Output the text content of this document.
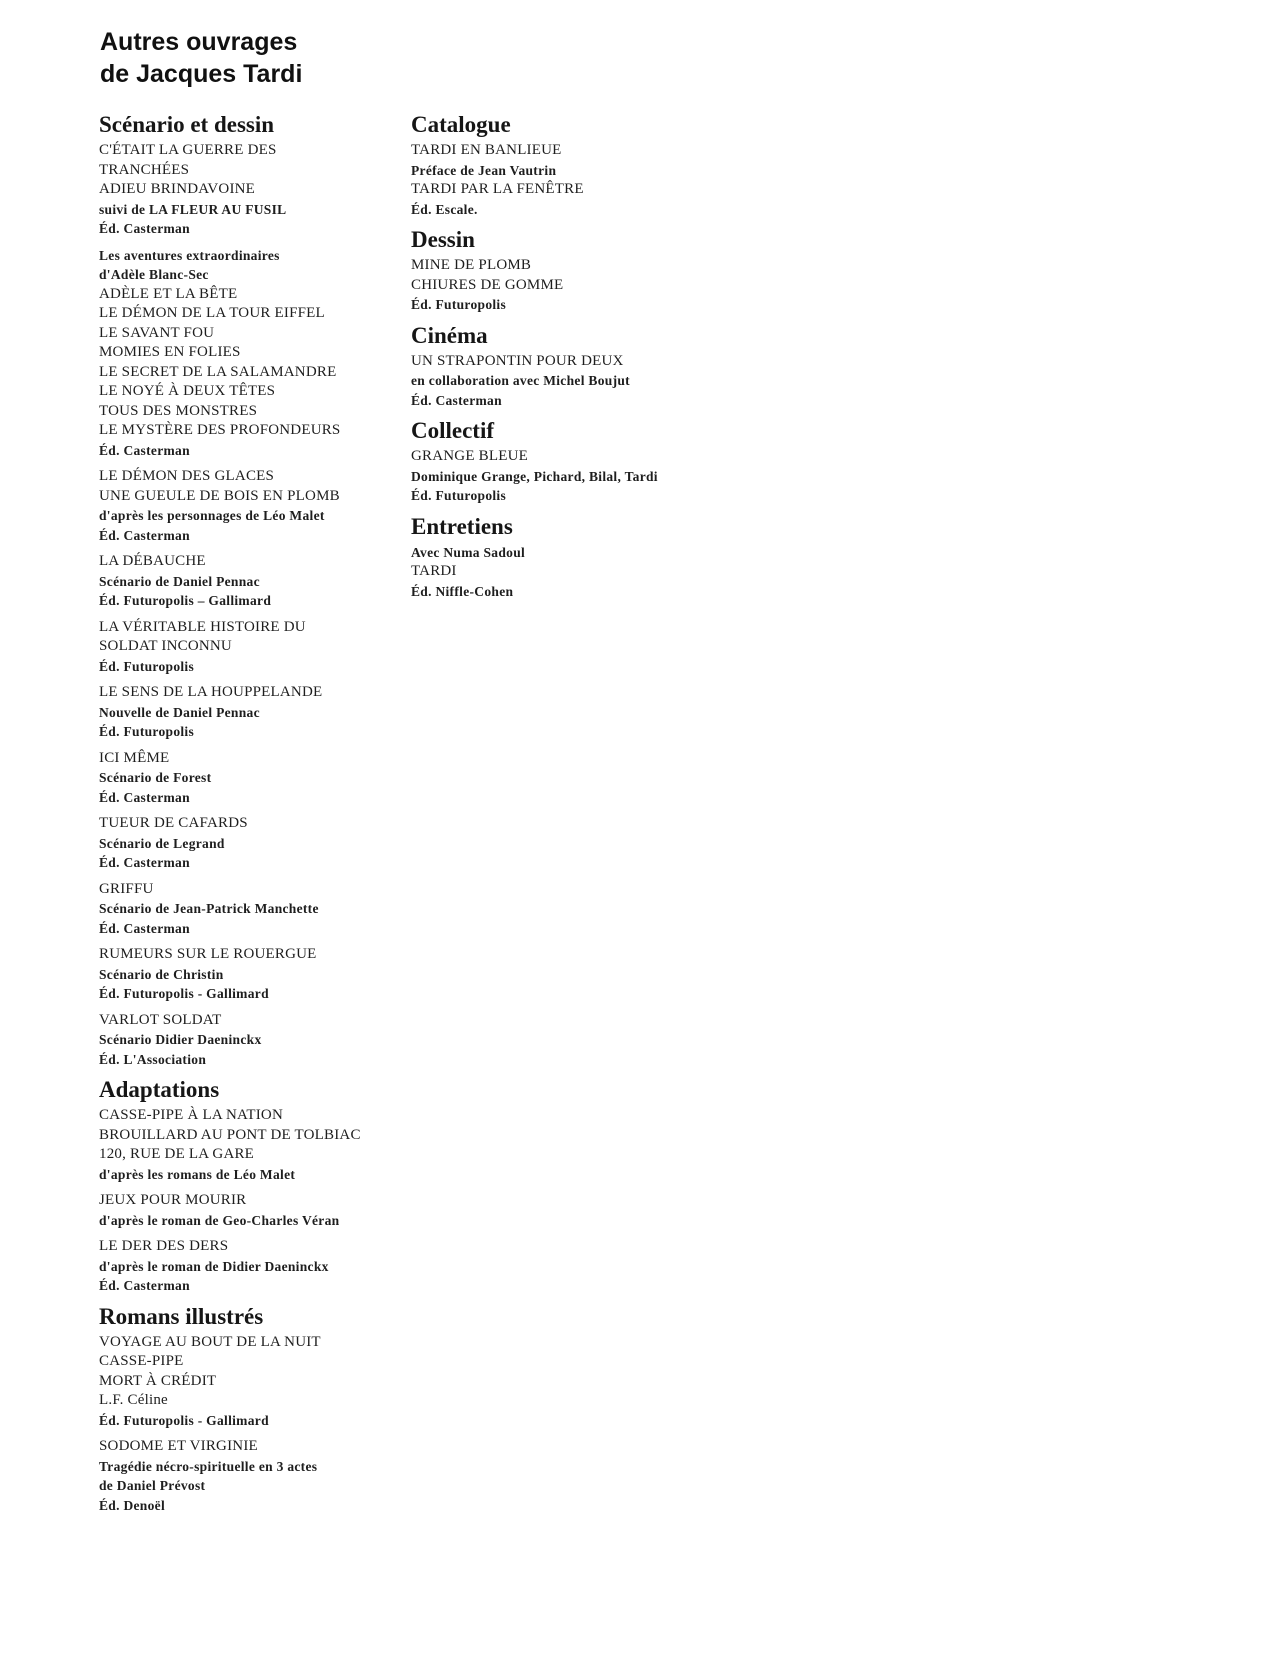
Autres ouvrages
de Jacques Tardi
Scénario et dessin
C'ÉTAIT LA GUERRE DES
TRANCHÉES
ADIEU BRINDAVOINE
suivi de LA FLEUR AU FUSIL
Éd. Casterman
Les aventures extraordinaires
d'Adèle Blanc-Sec
ADÈLE ET LA BÊTE
LE DÉMON DE LA TOUR EIFFEL
LE SAVANT FOU
MOMIES EN FOLIES
LE SECRET DE LA SALAMANDRE
LE NOYÉ À DEUX TÊTES
TOUS DES MONSTRES
LE MYSTÈRE DES PROFONDEURS
Éd. Casterman
LE DÉMON DES GLACES
UNE GUEULE DE BOIS EN PLOMB
d'après les personnages de Léo Malet
Éd. Casterman
LA DÉBAUCHE
Scénario de Daniel Pennac
Éd. Futuropolis – Gallimard
LA VÉRITABLE HISTOIRE DU
SOLDAT INCONNU
Éd. Futuropolis
LE SENS DE LA HOUPPELANDE
Nouvelle de Daniel Pennac
Éd. Futuropolis
ICI MÊME
Scénario de Forest
Éd. Casterman
TUEUR DE CAFARDS
Scénario de Legrand
Éd. Casterman
GRIFFU
Scénario de Jean-Patrick Manchette
Éd. Casterman
RUMEURS SUR LE ROUERGUE
Scénario de Christin
Éd. Futuropolis - Gallimard
VARLOT SOLDAT
Scénario Didier Daeninckx
Éd. L'Association
Adaptations
CASSE-PIPE À LA NATION
BROUILLARD AU PONT DE TOLBIAC
120, RUE DE LA GARE
d'après les romans de Léo Malet
JEUX POUR MOURIR
d'après le roman de Geo-Charles Véran
LE DER DES DERS
d'après le roman de Didier Daeninckx
Éd. Casterman
Romans illustrés
VOYAGE AU BOUT DE LA NUIT
CASSE-PIPE
MORT À CRÉDIT
L.F. Céline
Éd. Futuropolis - Gallimard
SODOME ET VIRGINIE
Tragédie nécro-spirituelle en 3 actes
de Daniel Prévost
Éd. Denoël
Catalogue
TARDI EN BANLIEUE
Préface de Jean Vautrin
TARDI PAR LA FENÊTRE
Éd. Escale.
Dessin
MINE DE PLOMB
CHIURES DE GOMME
Éd. Futuropolis
Cinéma
UN STRAPONTIN POUR DEUX
en collaboration avec Michel Boujut
Éd. Casterman
Collectif
GRANGE BLEUE
Dominique Grange, Pichard, Bilal, Tardi
Éd. Futuropolis
Entretiens
Avec Numa Sadoul
TARDI
Éd. Niffle-Cohen
